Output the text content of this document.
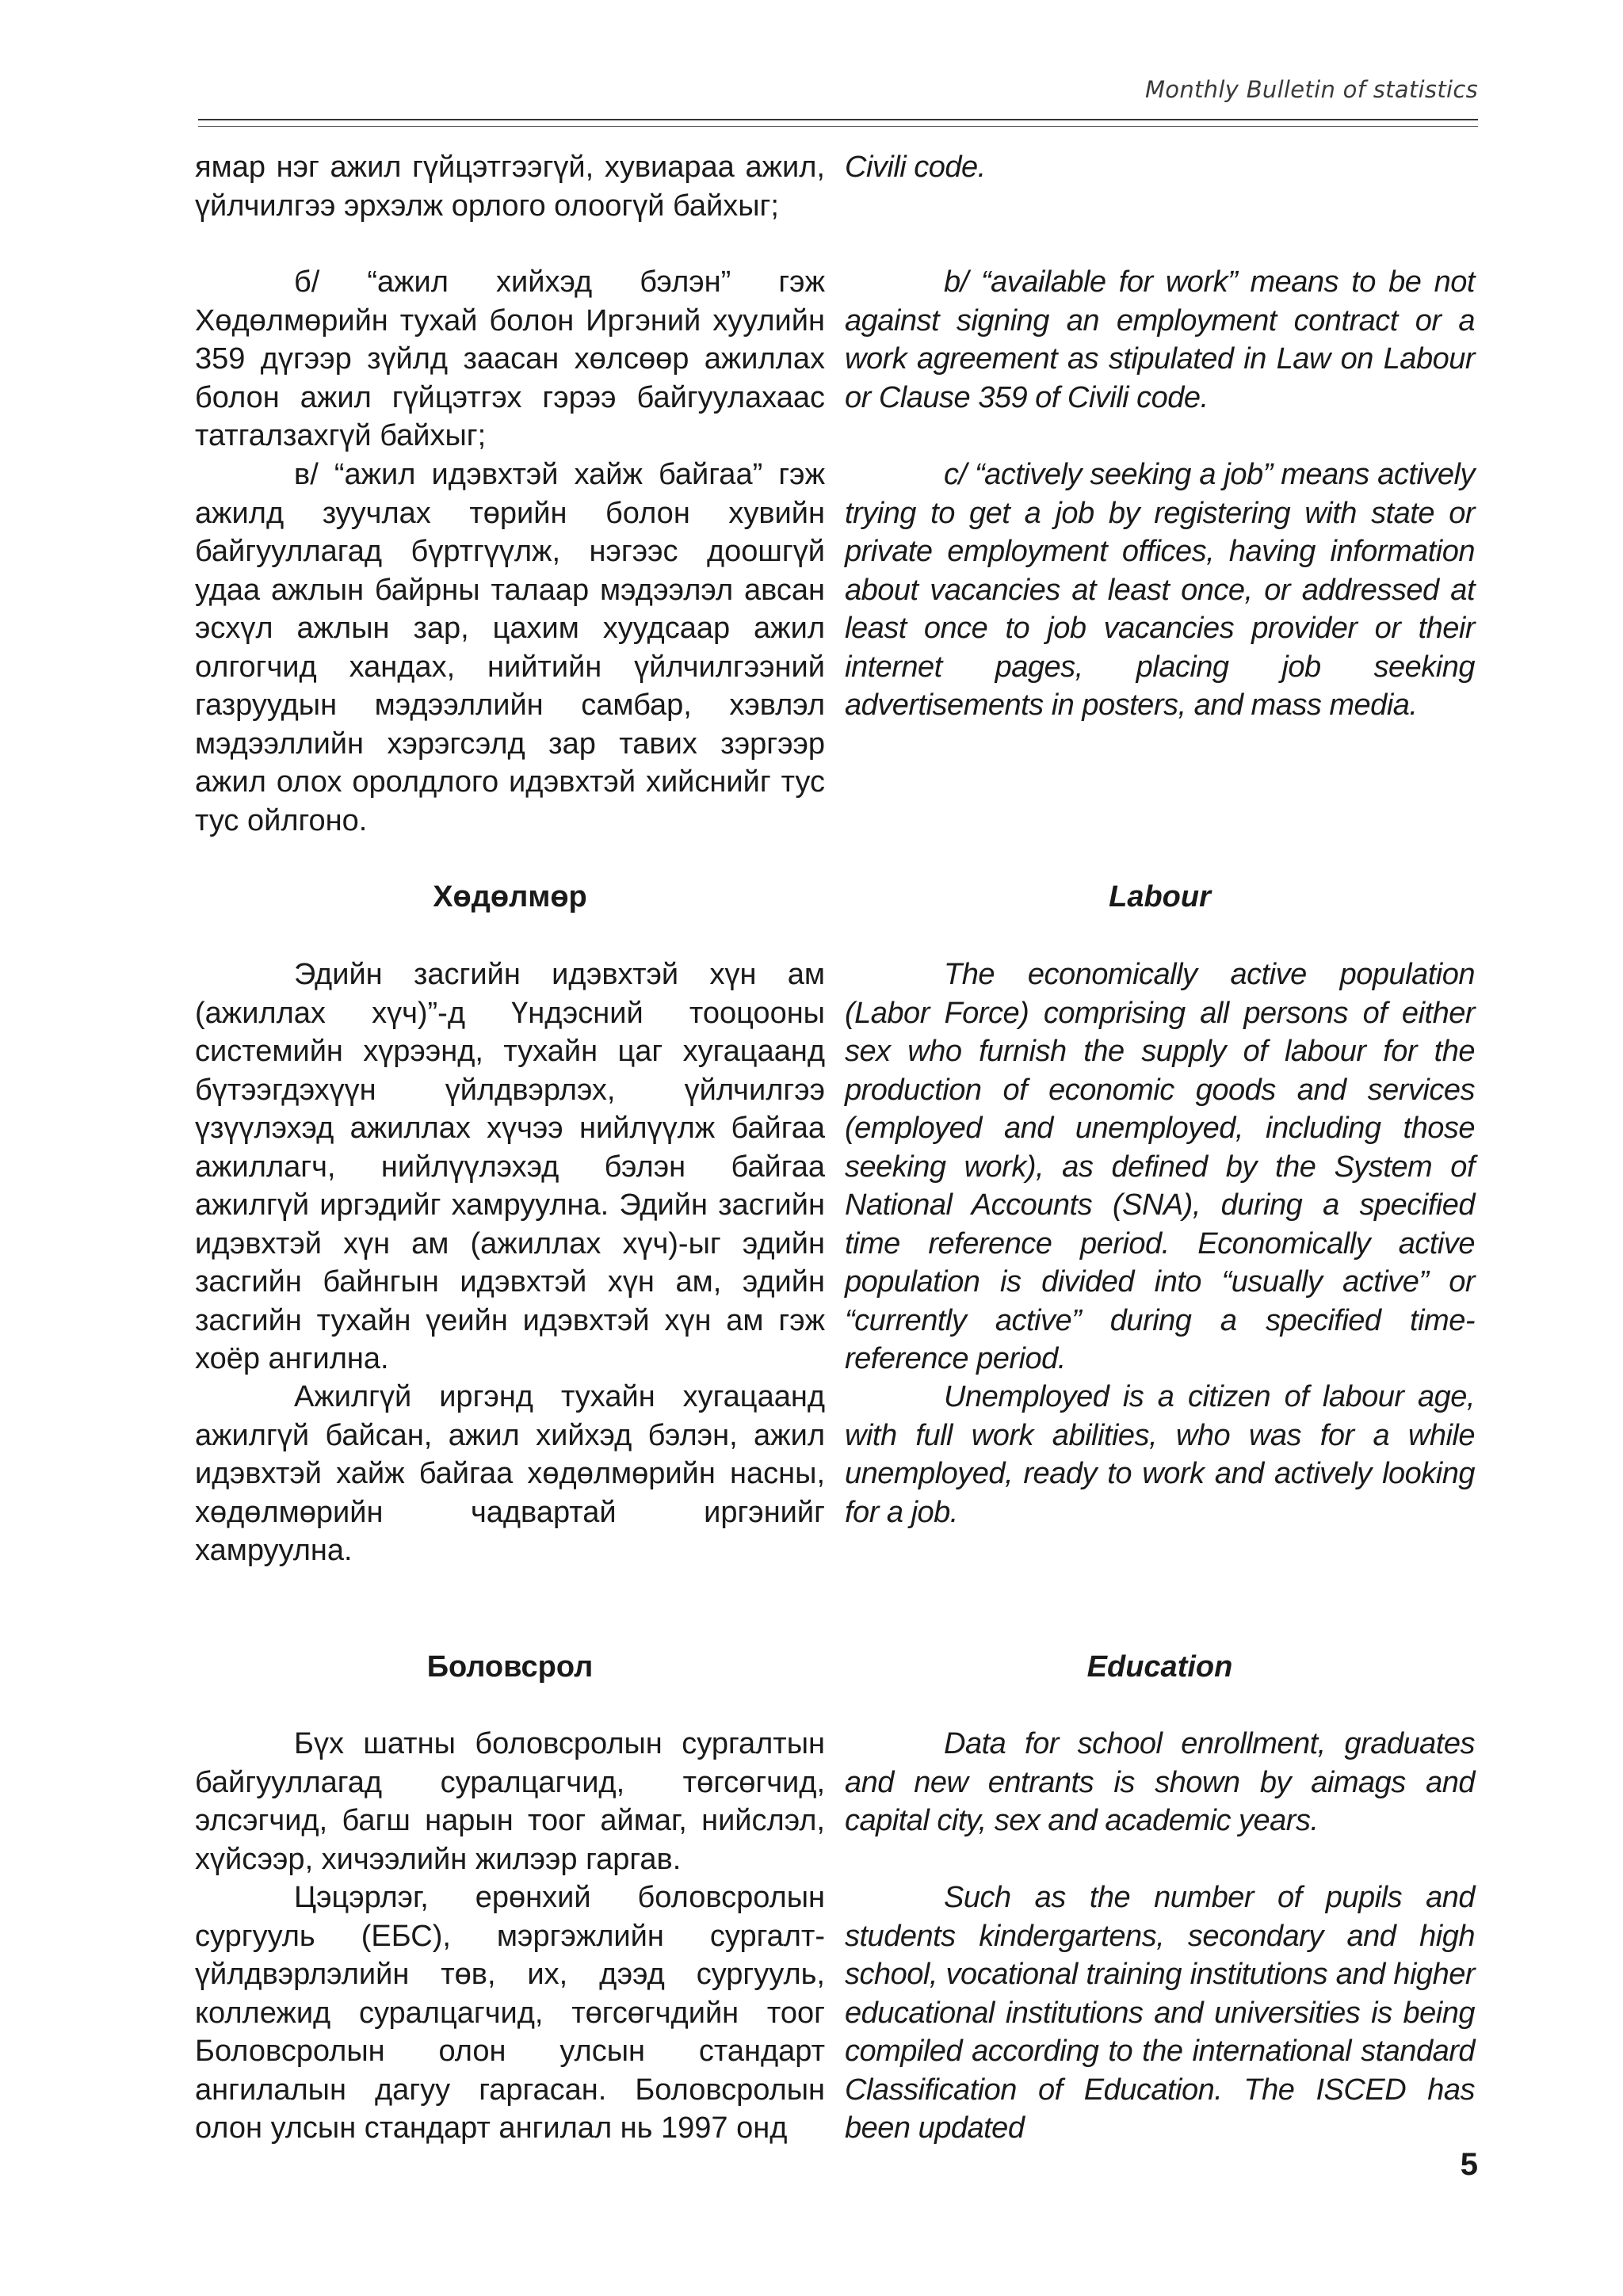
Monthly Bulletin of statistics

ямар нэг ажил гүйцэтгээгүй, хувиараа ажил, үйлчилгээ эрхэлж орлого олоогүй байхыг;

б/ “ажил хийхэд бэлэн” гэж Хөдөлмөрийн тухай болон Иргэний хуулийн 359 дүгээр зүйлд заасан хөлсөөр ажиллах болон ажил гүйцэтгэх гэрээ байгуулахаас татгалзахгүй байхыг;

в/ “ажил идэвхтэй хайж байгаа” гэж ажилд зуучлах төрийн болон хувийн байгууллагад бүртгүүлж, нэгээс доошгүй удаа ажлын байрны талаар мэдээлэл авсан эсхүл ажлын зар, цахим хуудсаар ажил олгогчид хандах, нийтийн үйлчилгээний газруудын мэдээллийн самбар, хэвлэл мэдээллийн хэрэгсэлд зар тавих зэргээр ажил олох оролдлого идэвхтэй хийснийг тус тус ойлгоно.

Хөдөлмөр

Эдийн засгийн идэвхтэй хүн ам (ажиллах хүч)”-д Үндэсний тооцооны системийн хүрээнд, тухайн цаг хугацаанд бүтээгдэхүүн үйлдвэрлэх, үйлчилгээ үзүүлэхэд ажиллах хүчээ нийлүүлж байгаа ажиллагч, нийлүүлэхэд бэлэн байгаа ажилгүй иргэдийг хамруулна. Эдийн засгийн идэвхтэй хүн ам (ажиллах хүч)-ыг эдийн засгийн байнгын идэвхтэй хүн ам, эдийн засгийн тухайн үеийн идэвхтэй хүн ам гэж хоёр ангилна.

Ажилгүй иргэнд тухайн хугацаанд ажилгүй байсан, ажил хийхэд бэлэн, ажил идэвхтэй хайж байгаа хөдөлмөрийн насны, хөдөлмөрийн чадвартай иргэнийг хамруулна.

Боловсрол

Бүх шатны боловсролын сургалтын байгууллагад суралцагчид, төгсөгчид, элсэгчид, багш нарын тоог аймаг, нийслэл, хүйсээр, хичээлийн жилээр гаргав.

Цэцэрлэг, ерөнхий боловсролын сургууль (ЕБС), мэргэжлийн сургалт-үйлдвэрлэлийн төв, их, дээд сургууль, коллежид суралцагчид, төгсөгчдийн тоог Боловсролын олон улсын стандарт ангилалын дагуу гаргасан. Боловсролын олон улсын стандарт ангилал нь 1997 онд

Civili code.

b/ “available for work” means to be not against signing an employment contract or a work agreement as stipulated in Law on Labour or Clause 359 of Civili code.

c/ “actively seeking a job” means actively trying to get a job by registering with state or private employment offices, having information about vacancies at least once, or addressed at least once to job vacancies provider or their internet pages, placing job seeking advertisements in posters, and mass media.

Labour

The economically active population (Labor Force) comprising all persons of either sex who furnish the supply of labour for the production of economic goods and services (employed and unemployed, including those seeking work), as defined by the System of National Accounts (SNA), during a specified time reference period. Economically active population is divided into “usually active” or “currently active” during a specified time-reference period.

Unemployed is a citizen of labour age, with full work abilities, who was for a while unemployed, ready to work and actively looking for a job.

Education

Data for school enrollment, graduates and new entrants is shown by aimags and capital city, sex and academic years.

Such as the number of pupils and students kindergartens, secondary and high school, vocational training institutions and higher educational institutions and universities is being compiled according to the international standard Classification of Education. The ISCED has been updated

5
